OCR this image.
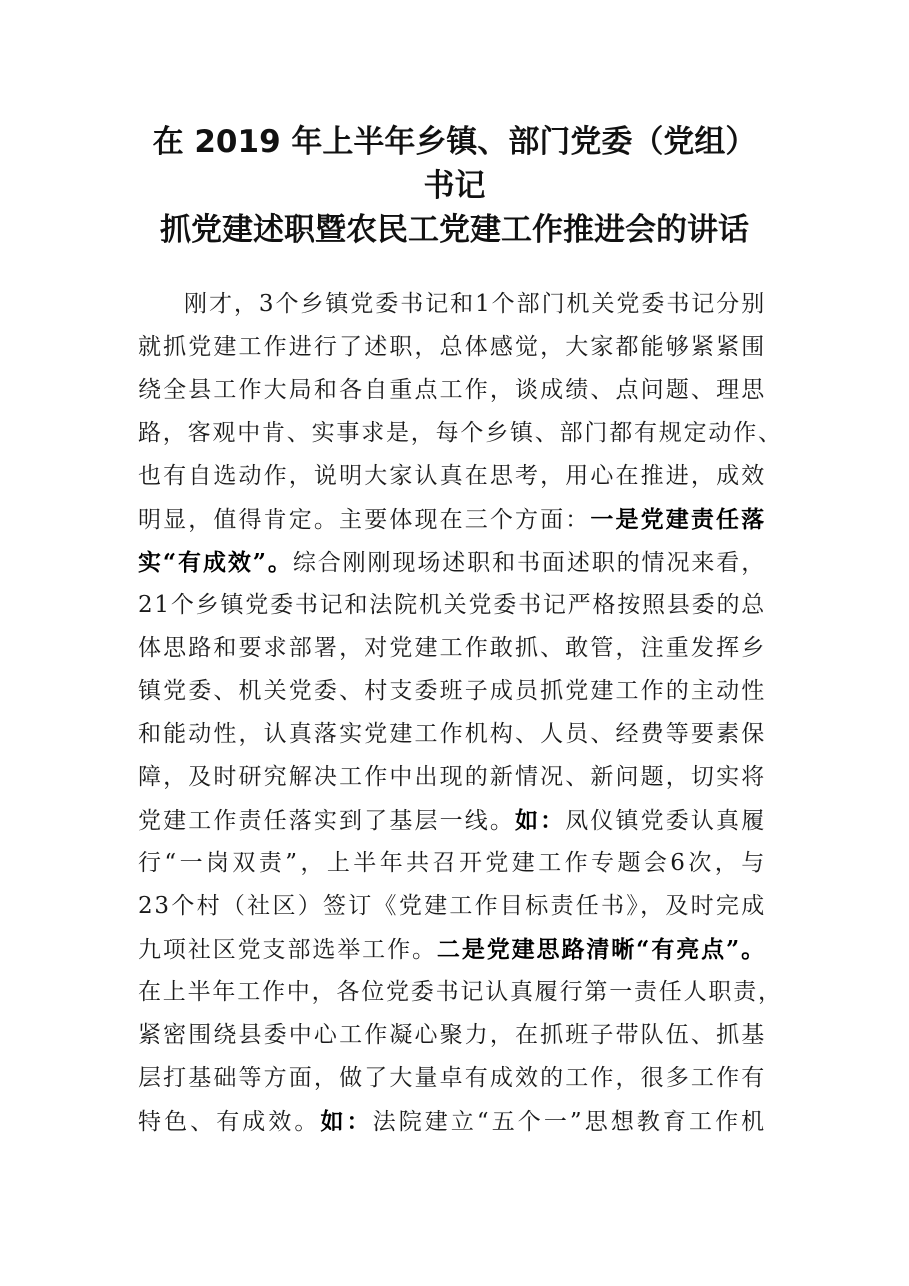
在 2019 年上半年乡镇、部门党委（党组）
书记
抓党建述职暨农民工党建工作推进会的讲话
刚才，3个乡镇党委书记和1个部门机关党委书记分别
就抓党建工作进行了述职，总体感觉，大家都能够紧紧围
绕全县工作大局和各自重点工作，谈成绩、点问题、理思
路，客观中肯、实事求是，每个乡镇、部门都有规定动作、
也有自选动作，说明大家认真在思考，用心在推进，成效
明显，值得肯定。主要体现在三个方面：一是党建责任落
实“有成效”。综合刚刚现场述职和书面述职的情况来看，
21个乡镇党委书记和法院机关党委书记严格按照县委的总
体思路和要求部署，对党建工作敢抓、敢管，注重发挥乡
镇党委、机关党委、村支委班子成员抓党建工作的主动性
和能动性，认真落实党建工作机构、人员、经费等要素保
障，及时研究解决工作中出现的新情况、新问题，切实将
党建工作责任落实到了基层一线。如：凤仪镇党委认真履
行“一岗双责”，上半年共召开党建工作专题会6次，与
23个村（社区）签订《党建工作目标责任书》，及时完成
九项社区党支部选举工作。二是党建思路清晰“有亮点”。
在上半年工作中，各位党委书记认真履行第一责任人职责，
紧密围绕县委中心工作凝心聚力，在抓班子带队伍、抓基
层打基础等方面，做了大量卓有成效的工作，很多工作有
特色、有成效。如：法院建立“五个一”思想教育工作机
